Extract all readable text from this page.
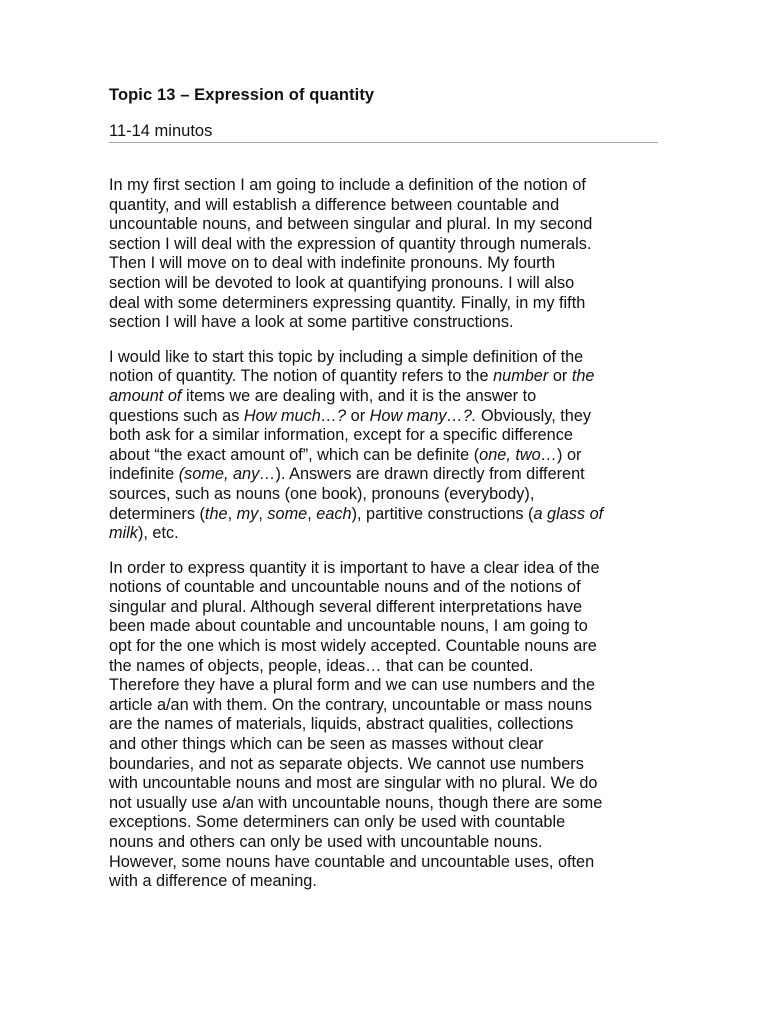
Topic 13 – Expression of quantity
11-14 minutos

In my first section I am going to include a definition of the notion of
quantity, and will establish a difference between countable and
uncountable nouns, and between singular and plural. In my second
section I will deal with the expression of quantity through numerals.
Then I will move on to deal with indefinite pronouns. My fourth
section will be devoted to look at quantifying pronouns. I will also
deal with some determiners expressing quantity. Finally, in my fifth
section I will have a look at some partitive constructions.

I would like to start this topic by including a simple definition of the
notion of quantity. The notion of quantity refers to the number or the
amount of items we are dealing with, and it is the answer to
questions such as How much…? or How many…?. Obviously, they
both ask for a similar information, except for a specific difference
about “the exact amount of”, which can be definite (one, two…) or
indefinite (some, any…). Answers are drawn directly from different
sources, such as nouns (one book), pronouns (everybody),
determiners (the, my, some, each), partitive constructions (a glass of
milk), etc.

In order to express quantity it is important to have a clear idea of the
notions of countable and uncountable nouns and of the notions of
singular and plural. Although several different interpretations have
been made about countable and uncountable nouns, I am going to
opt for the one which is most widely accepted. Countable nouns are
the names of objects, people, ideas… that can be counted.
Therefore they have a plural form and we can use numbers and the
article a/an with them. On the contrary, uncountable or mass nouns
are the names of materials, liquids, abstract qualities, collections
and other things which can be seen as masses without clear
boundaries, and not as separate objects. We cannot use numbers
with uncountable nouns and most are singular with no plural. We do
not usually use a/an with uncountable nouns, though there are some
exceptions. Some determiners can only be used with countable
nouns and others can only be used with uncountable nouns.
However, some nouns have countable and uncountable uses, often
with a difference of meaning.
